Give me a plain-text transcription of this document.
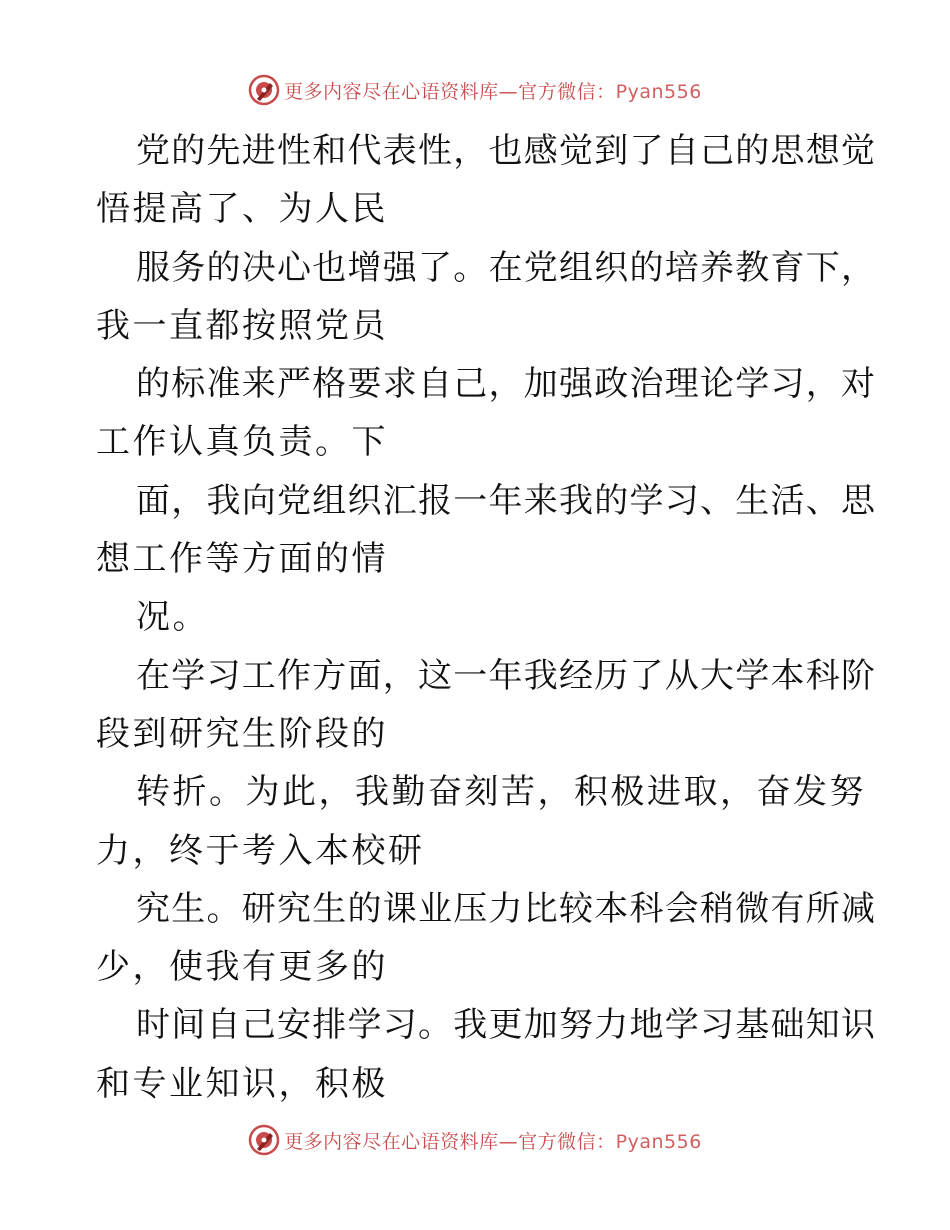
更多内容尽在心语资料库—官方微信：Pyan556
党的先进性和代表性，也感觉到了自己的思想觉
悟提高了、为人民
服务的决心也增强了。在党组织的培养教育下，
我一直都按照党员
的标准来严格要求自己，加强政治理论学习，对
工作认真负责。下
面，我向党组织汇报一年来我的学习、生活、思
想工作等方面的情
况。
在学习工作方面，这一年我经历了从大学本科阶
段到研究生阶段的
转折。为此，我勤奋刻苦，积极进取，奋发努
力，终于考入本校研
究生。研究生的课业压力比较本科会稍微有所减
少，使我有更多的
时间自己安排学习。我更加努力地学习基础知识
和专业知识，积极
更多内容尽在心语资料库—官方微信：Pyan556
